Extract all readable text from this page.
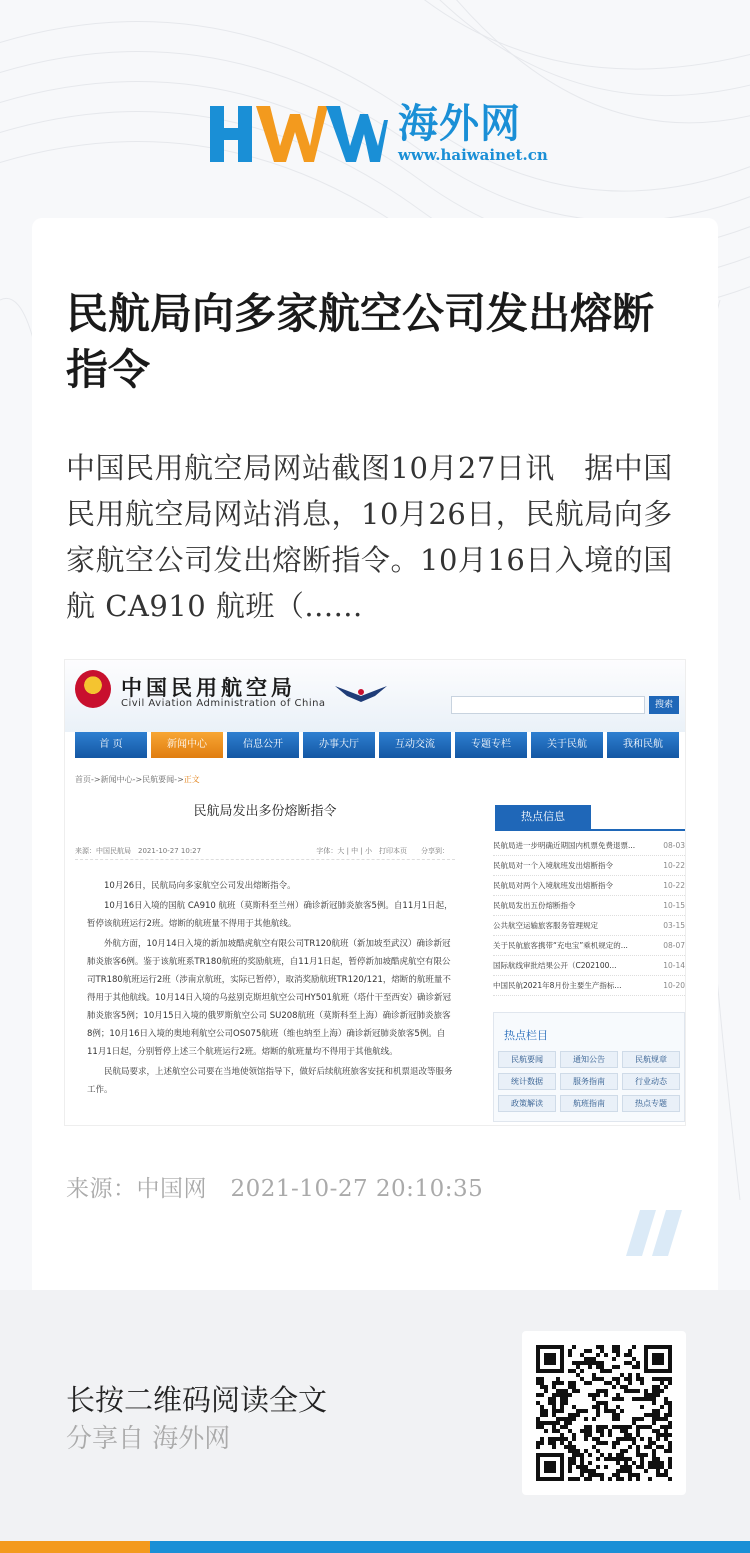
海外网
www.haiwainet.cn
民航局向多家航空公司发出熔断指令

中国民用航空局网站截图10月27日讯　据中国民用航空局网站消息，10月26日，民航局向多家航空公司发出熔断指令。10月16日入境的国航 CA910 航班（......

中国民用航空局
Civil Aviation Administration of China	搜索
首 页	新闻中心	信息公开	办事大厅	互动交流	专题专栏	关于民航	我和民航
首页->新闻中心->民航要闻->正文
民航局发出多份熔断指令
来源：中国民航局　2021-10-27 10:27	字体：大 | 中 | 小　打印本页　　分享到：

10月26日，民航局向多家航空公司发出熔断指令。

10月16日入境的国航 CA910 航班（莫斯科至兰州）确诊新冠肺炎旅客5例。自11月1日起，暂停该航班运行2班。熔断的航班量不得用于其他航线。

外航方面，10月14日入境的新加坡酷虎航空有限公司TR120航班（新加坡至武汉）确诊新冠肺炎旅客6例。鉴于该航班系TR180航班的奖励航班，自11月1日起，暂停新加坡酷虎航空有限公司TR180航班运行2班（涉南京航班，实际已暂停），取消奖励航班TR120/121，熔断的航班量不得用于其他航线。10月14日入境的乌兹别克斯坦航空公司HY501航班（塔什干至西安）确诊新冠肺炎旅客5例；10月15日入境的俄罗斯航空公司 SU208航班（莫斯科至上海）确诊新冠肺炎旅客8例；10月16日入境的奥地利航空公司OS075航班（维也纳至上海）确诊新冠肺炎旅客5例。自11月1日起，分别暂停上述三个航班运行2班。熔断的航班量均不得用于其他航线。

民航局要求，上述航空公司要在当地使领馆指导下，做好后续航班旅客安抚和机票退改等服务工作。

热点信息
民航局进一步明确近期国内机票免费退票...	08-03
民航局对一个入境航班发出熔断指令	10-22
民航局对两个入境航班发出熔断指令	10-22
民航局发出五份熔断指令	10-15
公共航空运输旅客服务管理规定	03-15
关于民航旅客携带“充电宝”乘机规定的...	08-07
国际航线审批结果公开（C202100...	10-14
中国民航2021年8月份主要生产指标...	10-20
热点栏目
民航要闻	通知公告	民航规章
统计数据	服务指南	行业动态
政策解读	航班指南	热点专题
来源：中国网　2021-10-27 20:10:35
长按二维码阅读全文
分享自 海外网
